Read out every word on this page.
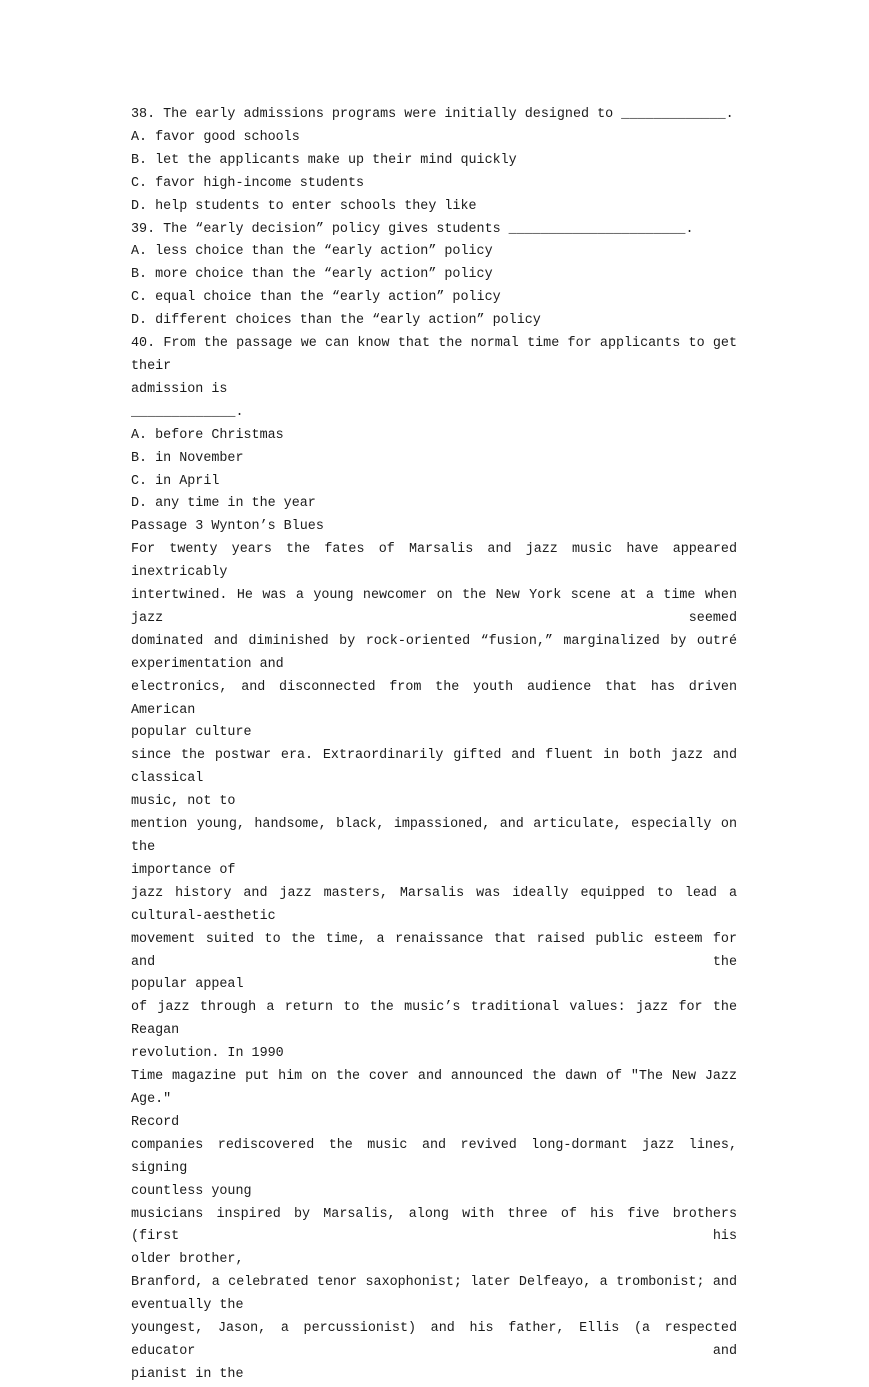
38. The early admissions programs were initially designed to _____________.
A. favor good schools
B. let the applicants make up their mind quickly
C. favor high-income students
D. help students to enter schools they like
39. The “early decision” policy gives students ______________________.
A. less choice than the “early action” policy
B. more choice than the “early action” policy
C. equal choice than the “early action” policy
D. different choices than the “early action” policy
40. From the passage we can know that the normal time for applicants to get their
admission is
_____________.
A. before Christmas
B. in November
C. in April
D. any time in the year
Passage 3 Wynton’s Blues
For twenty years the fates of Marsalis and jazz music have appeared inextricably
intertwined. He was a young newcomer on the New York scene at a time when jazz seemed
dominated and diminished by rock-oriented “fusion,” marginalized by outré
experimentation and
electronics, and disconnected from the youth audience that has driven American
popular culture
since the postwar era. Extraordinarily gifted and fluent in both jazz and classical
music, not to
mention young, handsome, black, impassioned, and articulate, especially on the
importance of
jazz history and jazz masters, Marsalis was ideally equipped to lead a
cultural-aesthetic
movement suited to the time, a renaissance that raised public esteem for and the
popular appeal
of jazz through a return to the music’s traditional values: jazz for the Reagan
revolution. In 1990
Time magazine put him on the cover and announced the dawn of "The New Jazz Age."
Record
companies rediscovered the music and revived long-dormant jazz lines, signing
countless young
musicians inspired by Marsalis, along with three of his five brothers (first his
older brother,
Branford, a celebrated tenor saxophonist; later Delfeayo, a trombonist; and
eventually the
youngest, Jason, a percussionist) and his father, Ellis (a respected educator and
pianist in the
